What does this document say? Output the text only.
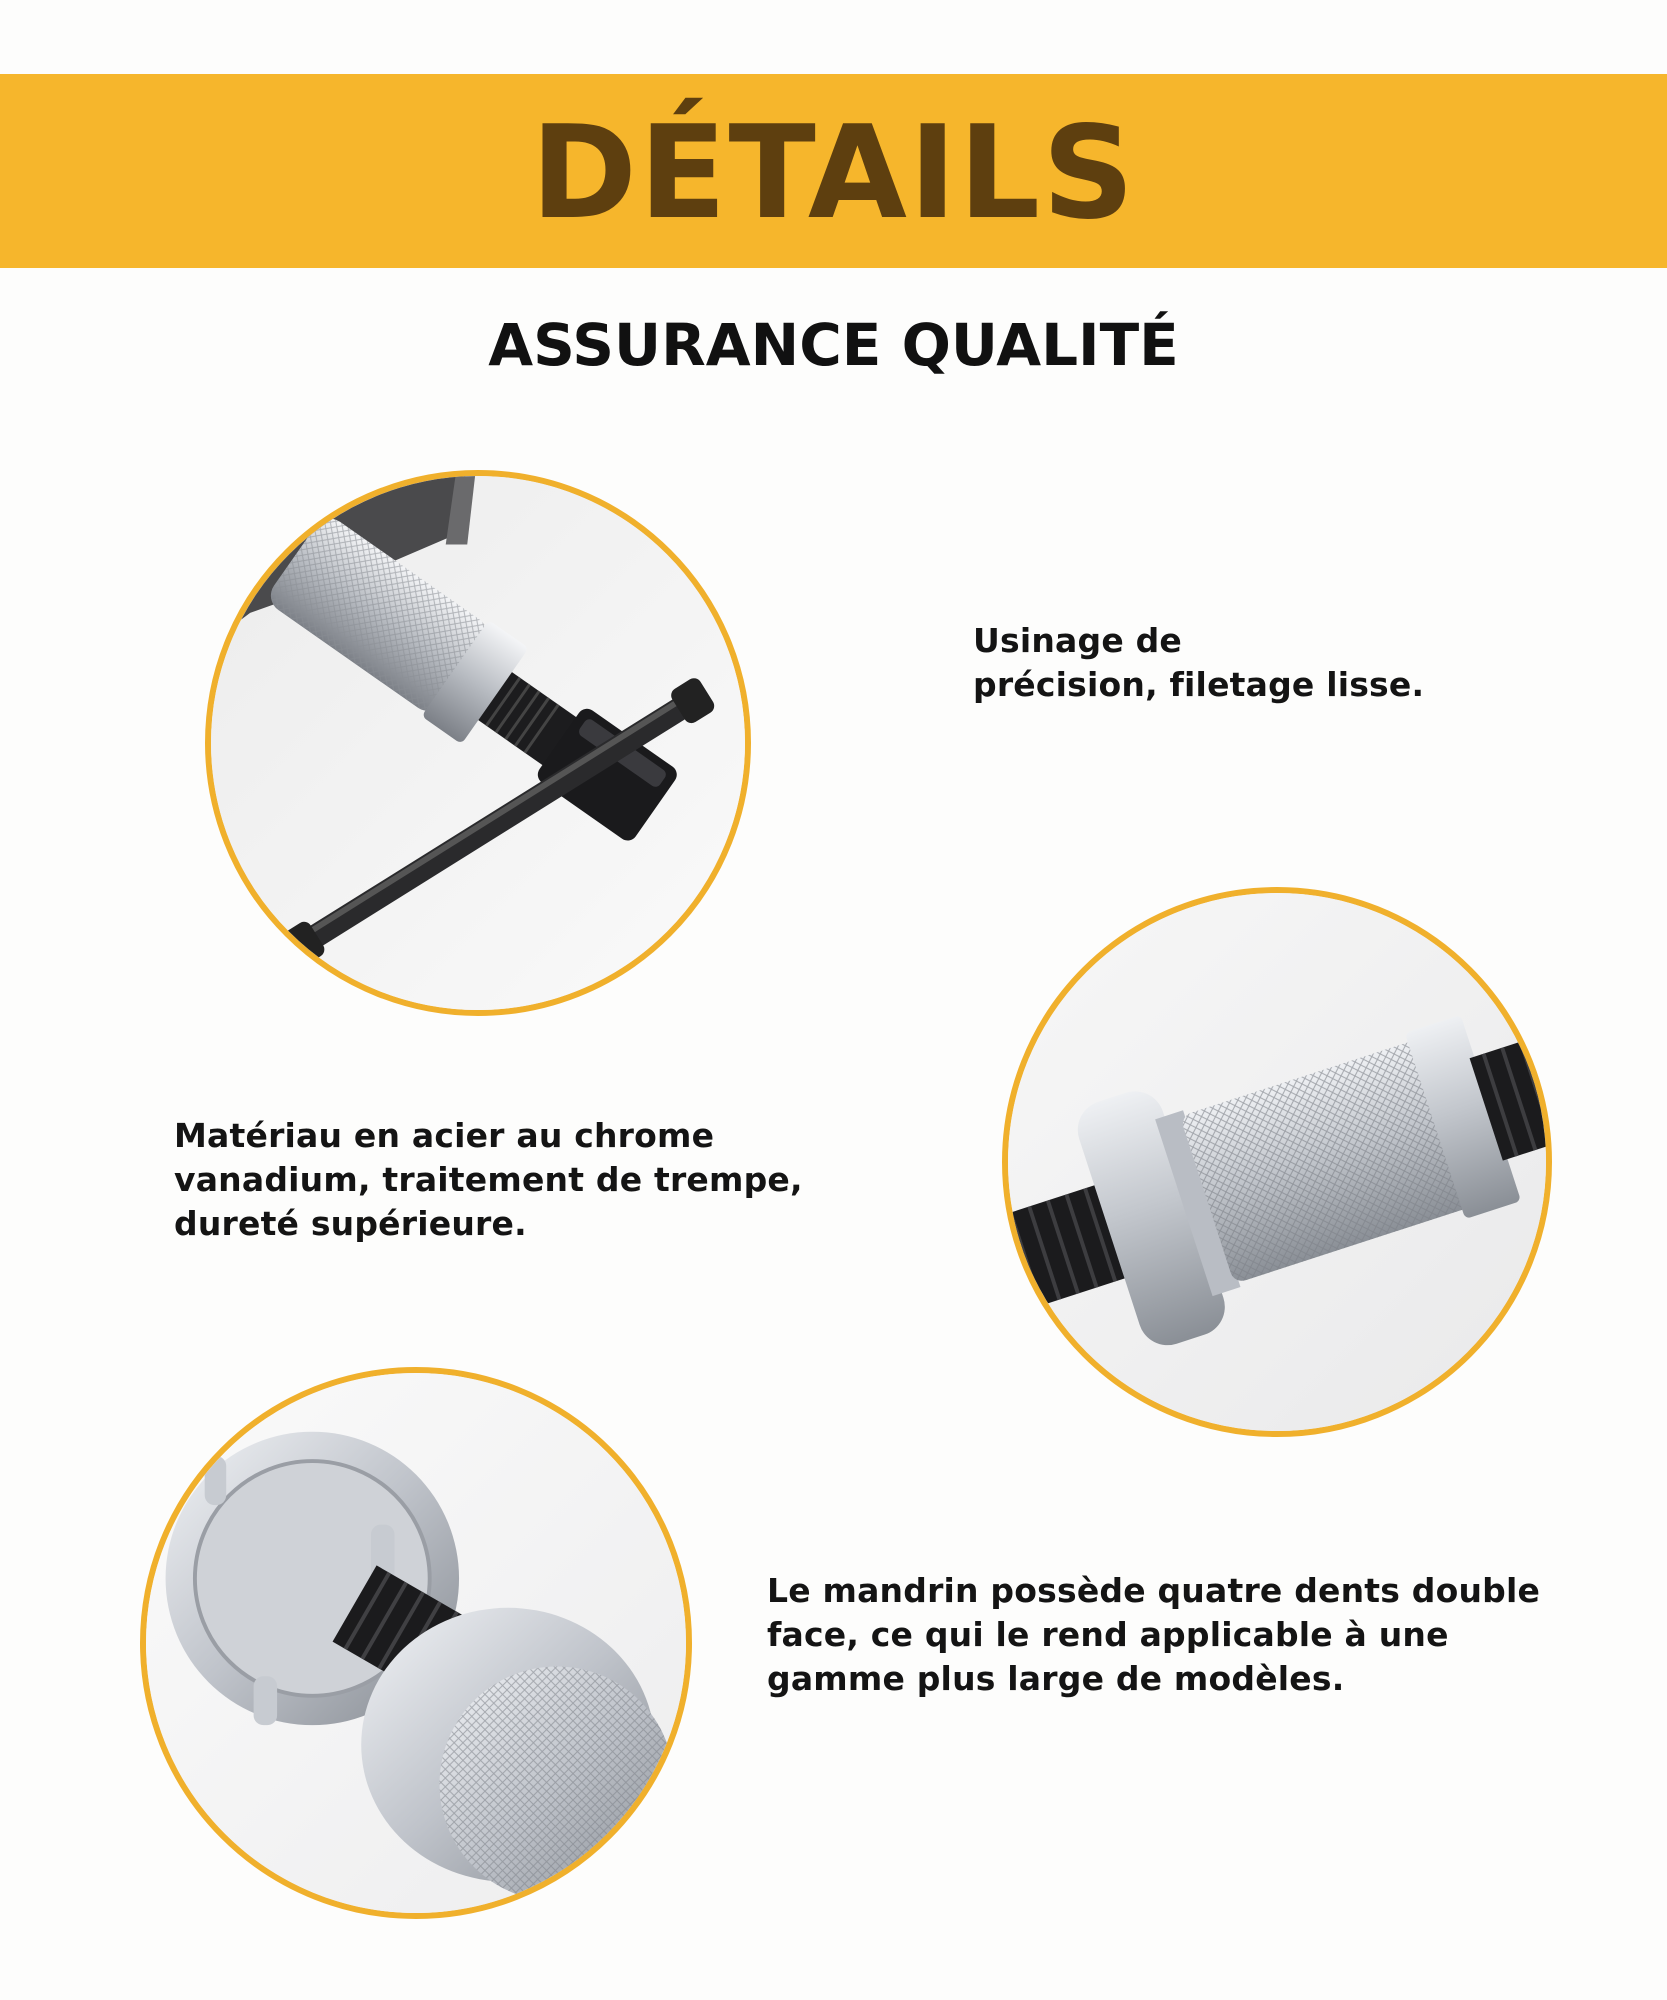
DÉTAILS
ASSURANCE QUALITÉ
Usinage de
précision, filetage lisse.
Matériau en acier au chrome
vanadium, traitement de trempe,
dureté supérieure.
Le mandrin possède quatre dents double
face, ce qui le rend applicable à une
gamme plus large de modèles.
